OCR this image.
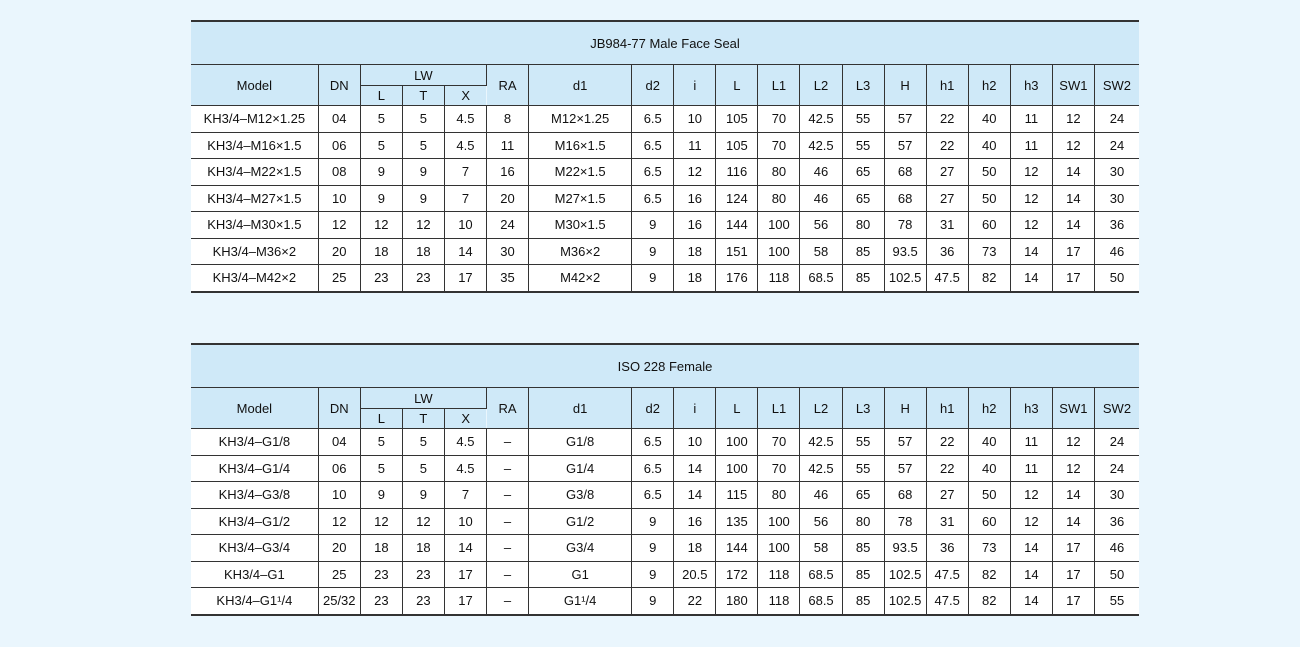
JB984-77 Male Face Seal																		
Model	DN	LW			RA	d1	d2	i	L	L1	L2	L3	H	h1	h2	h3	SW1	SW2
		L	T	X														
KH3/4–M12×1.25	04	5	5	4.5	8	M12×1.25	6.5	10	105	70	42.5	55	57	22	40	11	12	24
KH3/4–M16×1.5	06	5	5	4.5	11	M16×1.5	6.5	11	105	70	42.5	55	57	22	40	11	12	24
KH3/4–M22×1.5	08	9	9	7	16	M22×1.5	6.5	12	116	80	46	65	68	27	50	12	14	30
KH3/4–M27×1.5	10	9	9	7	20	M27×1.5	6.5	16	124	80	46	65	68	27	50	12	14	30
KH3/4–M30×1.5	12	12	12	10	24	M30×1.5	9	16	144	100	56	80	78	31	60	12	14	36
KH3/4–M36×2	20	18	18	14	30	M36×2	9	18	151	100	58	85	93.5	36	73	14	17	46
KH3/4–M42×2	25	23	23	17	35	M42×2	9	18	176	118	68.5	85	102.5	47.5	82	14	17	50
ISO 228 Female																		
Model	DN	LW			RA	d1	d2	i	L	L1	L2	L3	H	h1	h2	h3	SW1	SW2
		L	T	X														
KH3/4–G1/8	04	5	5	4.5	–	G1/8	6.5	10	100	70	42.5	55	57	22	40	11	12	24
KH3/4–G1/4	06	5	5	4.5	–	G1/4	6.5	14	100	70	42.5	55	57	22	40	11	12	24
KH3/4–G3/8	10	9	9	7	–	G3/8	6.5	14	115	80	46	65	68	27	50	12	14	30
KH3/4–G1/2	12	12	12	10	–	G1/2	9	16	135	100	56	80	78	31	60	12	14	36
KH3/4–G3/4	20	18	18	14	–	G3/4	9	18	144	100	58	85	93.5	36	73	14	17	46
KH3/4–G1	25	23	23	17	–	G1	9	20.5	172	118	68.5	85	102.5	47.5	82	14	17	50
KH3/4–G1¹/4	25/32	23	23	17	–	G1¹/4	9	22	180	118	68.5	85	102.5	47.5	82	14	17	55
